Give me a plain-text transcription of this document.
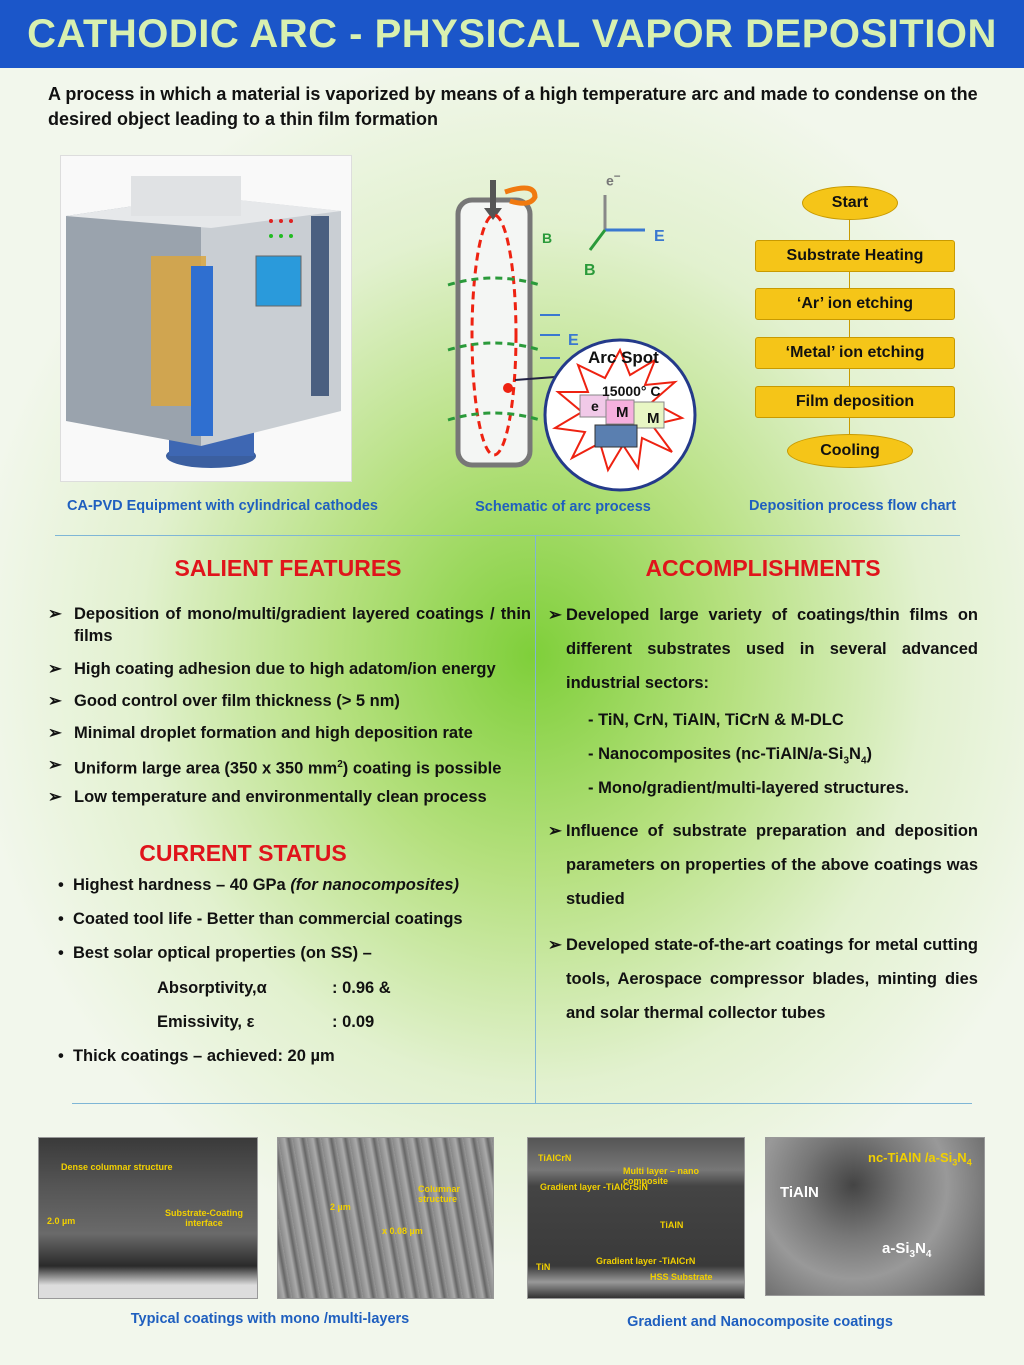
CATHODIC ARC - PHYSICAL VAPOR DEPOSITION
A process in which a material is vaporized by means of a high temperature arc and made to condense on the desired object leading to a thin film formation
CA-PVD Equipment with cylindrical cathodes
e−
E
B
B
E
Arc Spot
15000° C
e M M
Schematic of arc process
Start
Substrate Heating
‘Ar’ ion etching
‘Metal’ ion etching
Film deposition
Cooling
Deposition process flow chart
SALIENT FEATURES
➢ Deposition of mono/multi/gradient layered coatings / thin films
➢ High coating adhesion due to high adatom/ion energy
➢ Good control over film thickness (> 5 nm)
➢ Minimal droplet formation and high deposition rate
➢ Uniform large area (350 x 350 $mm^2$) coating is possible
➢ Low temperature and environmentally clean process
CURRENT STATUS
•  Highest hardness – 40 GPa (for nanocomposites)
•  Coated tool life - Better than commercial coatings
•  Best solar optical properties (on SS) –
Absorptivity,α	: 0.96 &
Emissivity, ε	: 0.09
•  Thick coatings – achieved: 20 µm
ACCOMPLISHMENTS
➢ Developed large variety of coatings/thin films on different substrates used in several advanced industrial sectors:
- TiN, CrN, TiAlN, TiCrN & M-DLC
- Nanocomposites $(nc-TiAlN/a-Si_3N_4)$
- Mono/gradient/multi-layered structures.
➢ Influence of substrate preparation and deposition parameters on properties of the above coatings was studied
➢ Developed state-of-the-art coatings for metal cutting tools, Aerospace compressor blades, minting dies and solar thermal collector tubes
Dense columnar structure
2.0 µm
Substrate-Coating interface
Columnar structure
2 µm
x 0.08 µm
Typical coatings with mono /multi-layers
TiAlCrN
Multi layer – nano composite
Gradient layer -TiAlCrSiN
TiAlN
Gradient layer -TiAlCrN
TiN
HSS Substrate
nc-TiAlN $/a-Si_3N_4$
TiAlN
$a-Si_3N_4$
Gradient and Nanocomposite coatings
